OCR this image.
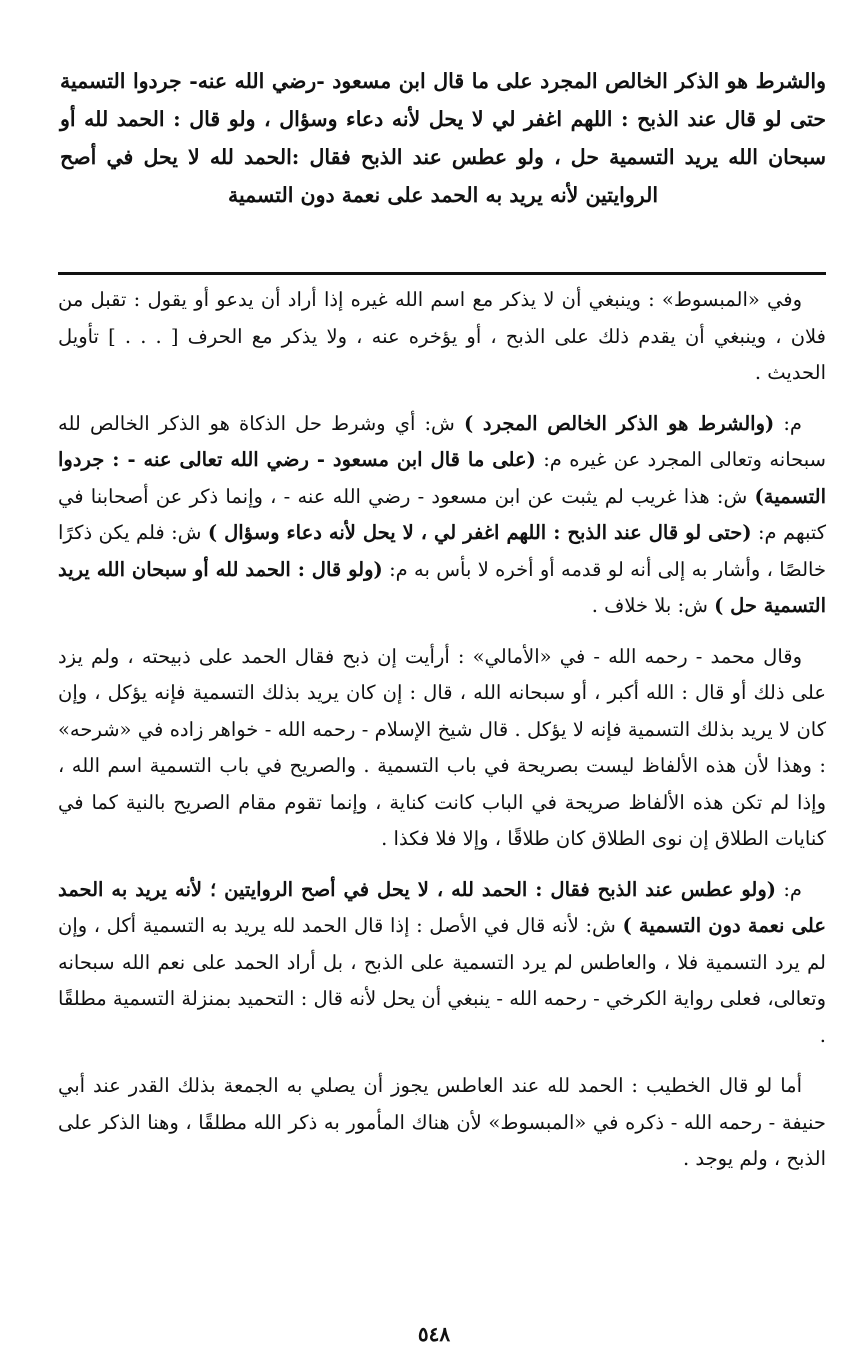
والشرط هو الذكر الخالص المجرد على ما قال ابن مسعود -رضي الله عنه- جردوا التسمية حتى لو قال عند الذبح : اللهم اغفر لي لا يحل لأنه دعاء وسؤال ، ولو قال : الحمد لله أو سبحان الله يريد التسمية حل ، ولو عطس عند الذبح فقال :الحمد لله لا يحل في أصح الروايتين لأنه يريد به الحمد على نعمة دون التسمية

وفي «المبسوط» : وينبغي أن لا يذكر مع اسم الله غيره إذا أراد أن يدعو أو يقول : تقبل من فلان ، وينبغي أن يقدم ذلك على الذبح ، أو يؤخره عنه ، ولا يذكر مع الحرف [ . . . ] تأويل الحديث .

م: (والشرط هو الذكر الخالص المجرد ) ش: أي وشرط حل الذكاة هو الذكر الخالص لله سبحانه وتعالى المجرد عن غيره م: (على ما قال ابن مسعود - رضي الله تعالى عنه - : جردوا التسمية) ش: هذا غريب لم يثبت عن ابن مسعود - رضي الله عنه - ، وإنما ذكر عن أصحابنا في كتبهم م: (حتى لو قال عند الذبح : اللهم اغفر لي ، لا يحل لأنه دعاء وسؤال ) ش: فلم يكن ذكرًا خالصًا ، وأشار به إلى أنه لو قدمه أو أخره لا بأس به م: (ولو قال : الحمد لله أو سبحان الله يريد التسمية حل ) ش: بلا خلاف .

وقال محمد - رحمه الله - في «الأمالي» : أرأيت إن ذبح فقال الحمد على ذبيحته ، ولم يزد على ذلك أو قال : الله أكبر ، أو سبحانه الله ، قال : إن كان يريد بذلك التسمية فإنه يؤكل ، وإن كان لا يريد بذلك التسمية فإنه لا يؤكل . قال شيخ الإسلام - رحمه الله - خواهر زاده في «شرحه» : وهذا لأن هذه الألفاظ ليست بصريحة في باب التسمية . والصريح في باب التسمية اسم الله ، وإذا لم تكن هذه الألفاظ صريحة في الباب كانت كناية ، وإنما تقوم مقام الصريح بالنية كما في كنايات الطلاق إن نوى الطلاق كان طلاقًا ، وإلا فلا فكذا .

م: (ولو عطس عند الذبح فقال : الحمد لله ، لا يحل في أصح الروايتين ؛ لأنه يريد به الحمد على نعمة دون التسمية ) ش: لأنه قال في الأصل : إذا قال الحمد لله يريد به التسمية أكل ، وإن لم يرد التسمية فلا ، والعاطس لم يرد التسمية على الذبح ، بل أراد الحمد على نعم الله سبحانه وتعالى، فعلى رواية الكرخي - رحمه الله - ينبغي أن يحل لأنه قال : التحميد بمنزلة التسمية مطلقًا .

أما لو قال الخطيب : الحمد لله عند العاطس يجوز أن يصلي به الجمعة بذلك القدر عند أبي حنيفة - رحمه الله - ذكره في «المبسوط» لأن هناك المأمور به ذكر الله مطلقًا ، وهنا الذكر على الذبح ، ولم يوجد .

٥٤٨
